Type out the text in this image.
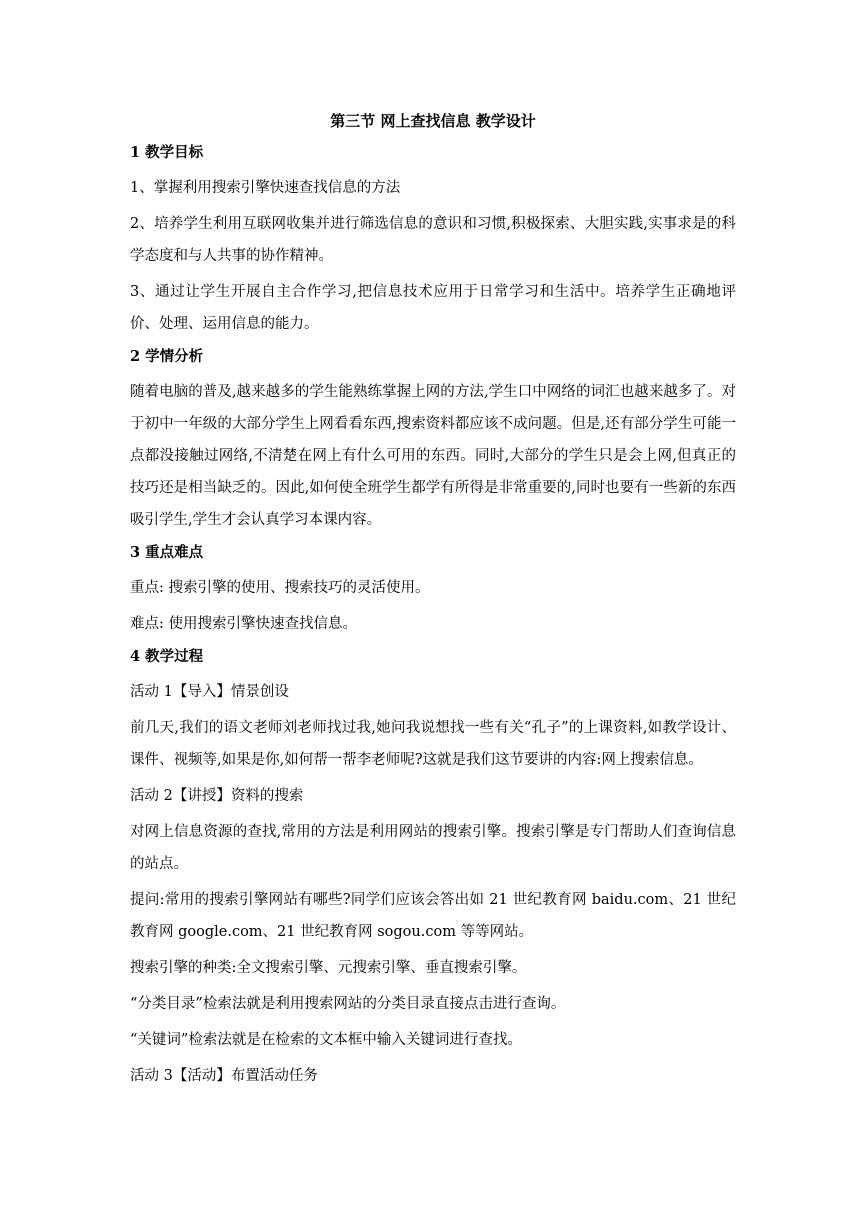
第三节 网上查找信息 教学设计
1 教学目标
1、掌握利用搜索引擎快速查找信息的方法
2、培养学生利用互联网收集并进行筛选信息的意识和习惯,积极探索、大胆实践,实事求是的科学态度和与人共事的协作精神。
3、通过让学生开展自主合作学习,把信息技术应用于日常学习和生活中。培养学生正确地评价、处理、运用信息的能力。
2 学情分析
随着电脑的普及,越来越多的学生能熟练掌握上网的方法,学生口中网络的词汇也越来越多了。对于初中一年级的大部分学生上网看看东西,搜索资料都应该不成问题。但是,还有部分学生可能一点都没接触过网络,不清楚在网上有什么可用的东西。同时,大部分的学生只是会上网,但真正的技巧还是相当缺乏的。因此,如何使全班学生都学有所得是非常重要的,同时也要有一些新的东西吸引学生,学生才会认真学习本课内容。
3 重点难点
重点: 搜索引擎的使用、搜索技巧的灵活使用。
难点: 使用搜索引擎快速查找信息。
4 教学过程
活动 1【导入】情景创设
前几天,我们的语文老师刘老师找过我,她问我说想找一些有关“孔子”的上课资料,如教学设计、课件、视频等,如果是你,如何帮一帮李老师呢?这就是我们这节要讲的内容:网上搜索信息。
活动 2【讲授】资料的搜索
对网上信息资源的查找,常用的方法是利用网站的搜索引擎。搜索引擎是专门帮助人们查询信息的站点。
提问:常用的搜索引擎网站有哪些?同学们应该会答出如 21 世纪教育网 baidu.com、21 世纪教育网 google.com、21 世纪教育网 sogou.com 等等网站。
搜索引擎的种类:全文搜索引擎、元搜索引擎、垂直搜索引擎。
“分类目录”检索法就是利用搜索网站的分类目录直接点击进行查询。
“关键词”检索法就是在检索的文本框中输入关键词进行查找。
活动 3【活动】布置活动任务
